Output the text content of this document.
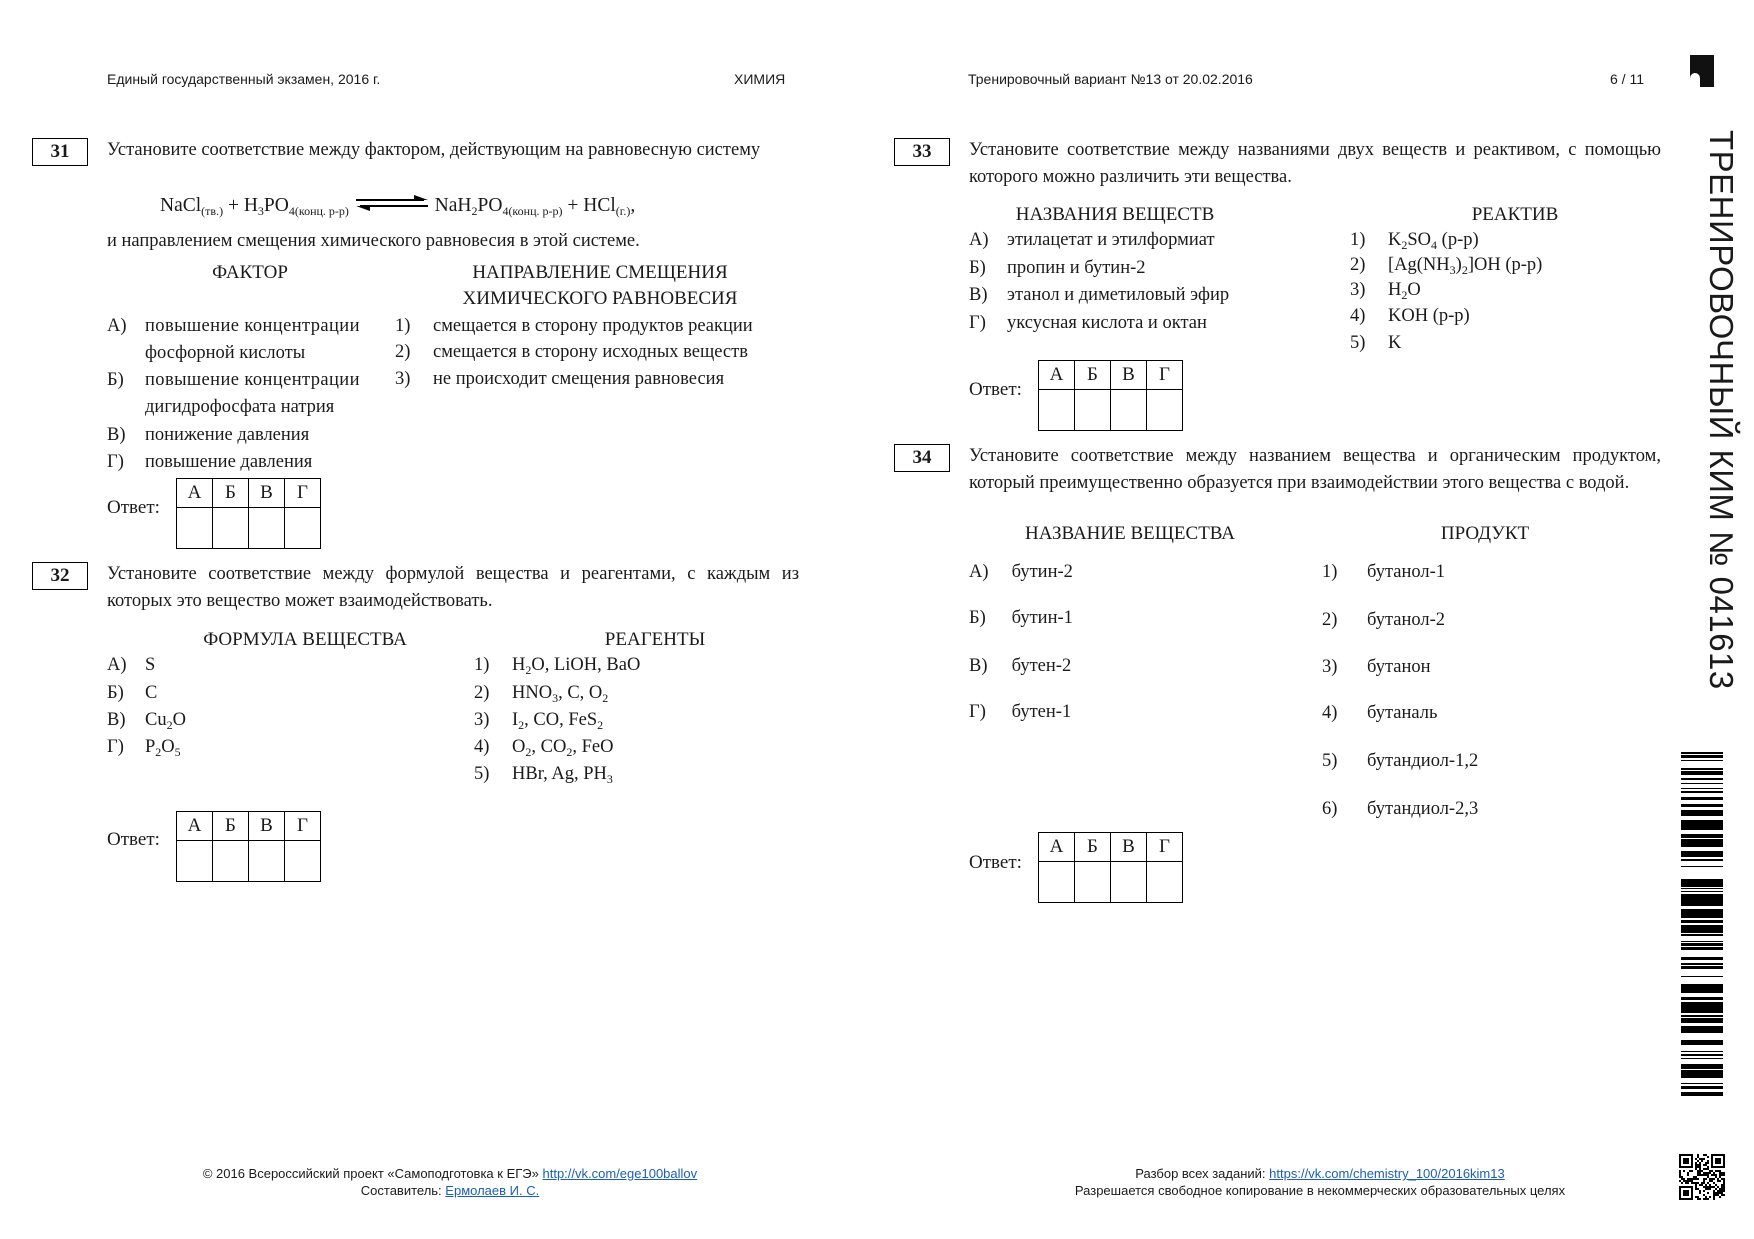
Единый государственный экзамен, 2016 г.	ХИМИЯ	Тренировочный вариант №13 от 20.02.2016	6 / 11
ТРЕНИРОВОЧНЫЙ КИМ № 041613
31	Установите соответствие между фактором, действующим на равновесную систему
NaCl$_{(тв.)}$ + $H_3PO_{4(конц. р-р)}$ ⇌ $NaH_2PO_{4(конц. р-р)} + HCl_{(г.)}$,
и направлением смещения химического равновесия в этой системе.
ФАКТОР	НАПРАВЛЕНИЕ СМЕЩЕНИЯ
ХИМИЧЕСКОГО РАВНОВЕСИЯ
А) повышение концентрации
фосфорной кислоты
Б) повышение концентрации
дигидрофосфата натрия
В) понижение давления
Г) повышение давления
1) смещается в сторону продуктов реакции
2) смещается в сторону исходных веществ
3) не происходит смещения равновесия
Ответ:
А	Б	В	Г

32	Установите соответствие между формулой вещества и реагентами, с каждым из которых это вещество может взаимодействовать.
ФОРМУЛА ВЕЩЕСТВА	РЕАГЕНТЫ
А) S
Б) C
В) $Cu_2O$
Г) $P_2O_5$
1) $H_2O$, LiOH, BaO
2) $HNO_3$, C, $O_2$
3) $I_2$, CO, FeS$_2$
4) $O_2$, $CO_2$, FeO
5) HBr, Ag, $PH_3$
Ответ:
А	Б	В	Г

33	Установите соответствие между названиями двух веществ и реактивом, с помощью которого можно различить эти вещества.
НАЗВАНИЯ ВЕЩЕСТВ	РЕАКТИВ
А) этилацетат и этилформиат
Б) пропин и бутин-2
В) этанол и диметиловый эфир
Г) уксусная кислота и октан
1) $K_2SO_4$ (р-р)
2) $[Ag(NH_3)_2]OH$ (р-р)
3) $H_2O$
4) KOH (р-р)
5) K
Ответ:
А	Б	В	Г

34	Установите соответствие между названием вещества и органическим продуктом, который преимущественно образуется при взаимодействии этого вещества с водой.
НАЗВАНИЕ ВЕЩЕСТВА	ПРОДУКТ
А) бутин-2
Б) бутин-1
В) бутен-2
Г) бутен-1
1) бутанол-1
2) бутанол-2
3) бутанон
4) бутаналь
5) бутандиол-1,2
6) бутандиол-2,3
Ответ:
А	Б	В	Г

© 2016 Всероссийский проект «Самоподготовка к ЕГЭ» http://vk.com/ege100ballov
Составитель: Ермолаев И. С.
Разбор всех заданий: https://vk.com/chemistry_100/2016kim13
Разрешается свободное копирование в некоммерческих образовательных целях
